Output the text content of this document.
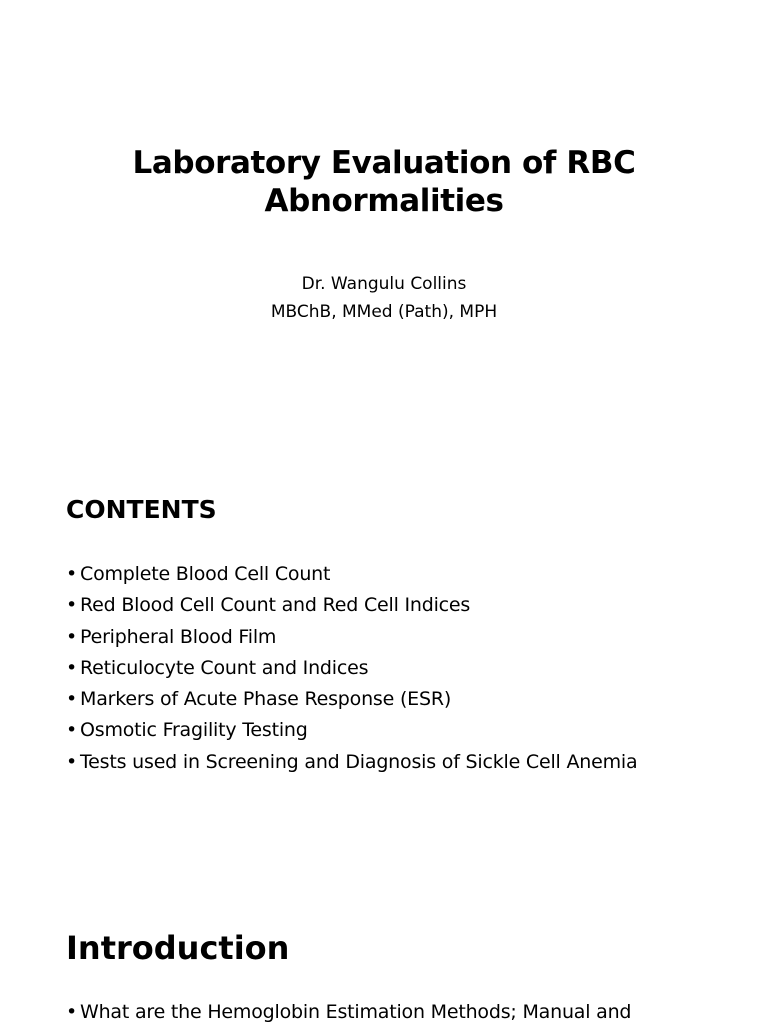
Laboratory Evaluation of RBC Abnormalities
Dr. Wangulu Collins
MBChB, MMed (Path), MPH
CONTENTS
• Complete Blood Cell Count
• Red Blood Cell Count and Red Cell Indices
• Peripheral Blood Film
• Reticulocyte Count and Indices
• Markers of Acute Phase Response (ESR)
• Osmotic Fragility Testing
• Tests used in Screening and Diagnosis of Sickle Cell Anemia
Introduction
• What are the Hemoglobin Estimation Methods; Manual and
